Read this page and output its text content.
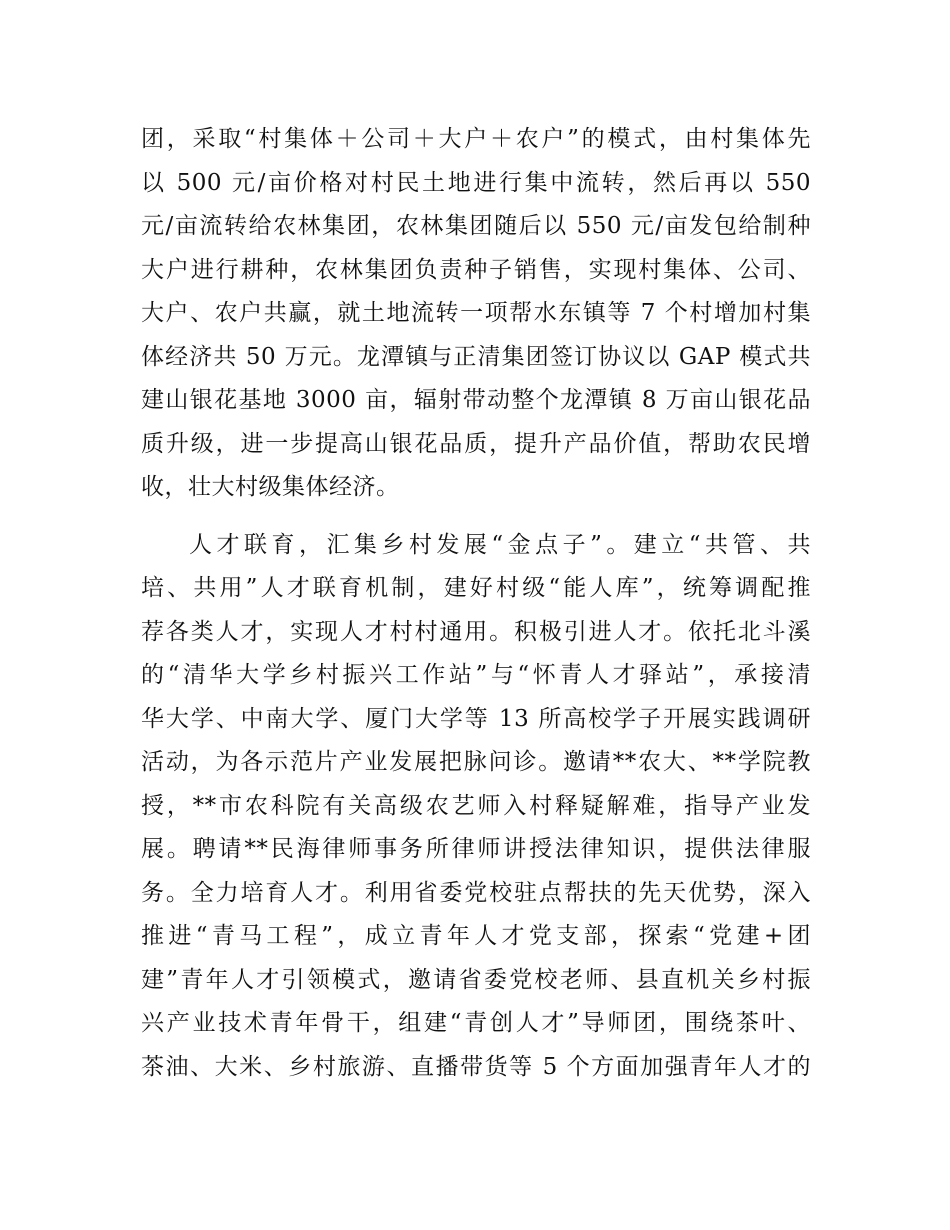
团，采取“村集体＋公司＋大户＋农户”的模式，由村集体先
以 500 元/亩价格对村民土地进行集中流转，然后再以 550
元/亩流转给农林集团，农林集团随后以 550 元/亩发包给制种
大户进行耕种，农林集团负责种子销售，实现村集体、公司、
大户、农户共赢，就土地流转一项帮水东镇等 7 个村增加村集
体经济共 50 万元。龙潭镇与正清集团签订协议以 GAP 模式共
建山银花基地 3000 亩，辐射带动整个龙潭镇 8 万亩山银花品
质升级，进一步提高山银花品质，提升产品价值，帮助农民增
收，壮大村级集体经济。
人才联育，汇集乡村发展“金点子”。建立“共管、共
培、共用”人才联育机制，建好村级“能人库”，统筹调配推
荐各类人才，实现人才村村通用。积极引进人才。依托北斗溪
的“清华大学乡村振兴工作站”与“怀青人才驿站”，承接清
华大学、中南大学、厦门大学等 13 所高校学子开展实践调研
活动，为各示范片产业发展把脉问诊。邀请**农大、**学院教
授，**市农科院有关高级农艺师入村释疑解难，指导产业发
展。聘请**民海律师事务所律师讲授法律知识，提供法律服
务。全力培育人才。利用省委党校驻点帮扶的先天优势，深入
推进“青马工程”，成立青年人才党支部，探索“党建+团
建”青年人才引领模式，邀请省委党校老师、县直机关乡村振
兴产业技术青年骨干，组建“青创人才”导师团，围绕茶叶、
茶油、大米、乡村旅游、直播带货等 5 个方面加强青年人才的
